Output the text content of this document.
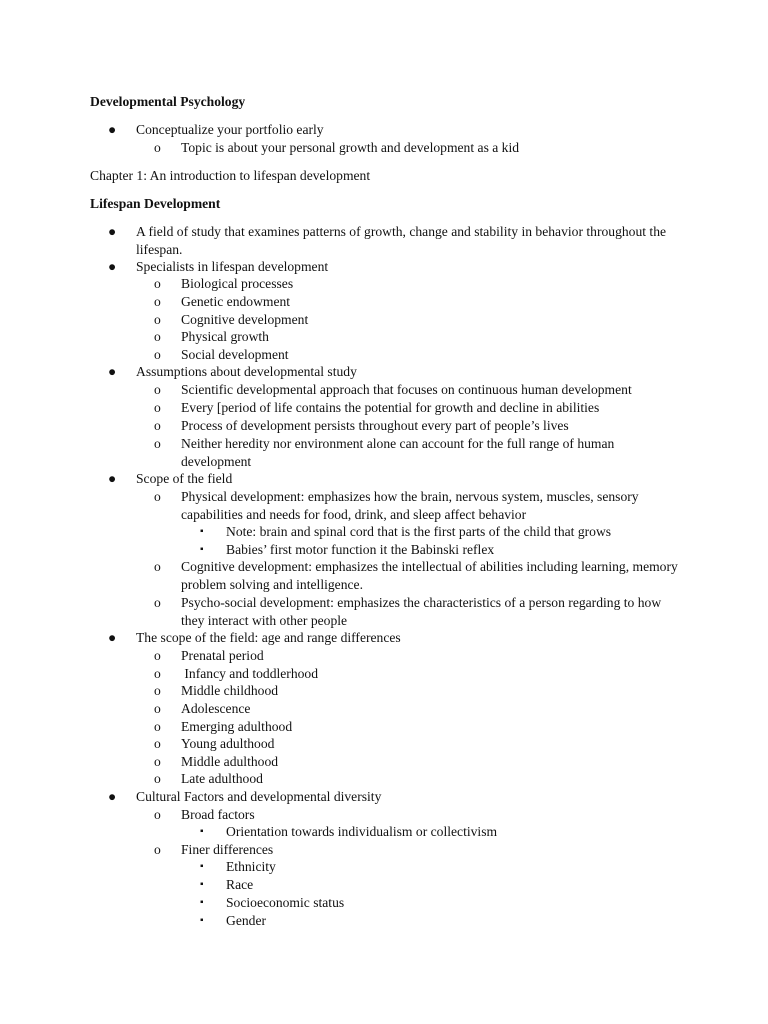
Developmental Psychology
● Conceptualize your portfolio early
o Topic is about your personal growth and development as a kid
Chapter 1: An introduction to lifespan development
Lifespan Development
● A field of study that examines patterns of growth, change and stability in behavior throughout the lifespan.
● Specialists in lifespan development
o Biological processes
o Genetic endowment
o Cognitive development
o Physical growth
o Social development
● Assumptions about developmental study
o Scientific developmental approach that focuses on continuous human development
o Every [period of life contains the potential for growth and decline in abilities
o Process of development persists throughout every part of people’s lives
o Neither heredity nor environment alone can account for the full range of human development
● Scope of the field
o Physical development: emphasizes how the brain, nervous system, muscles, sensory capabilities and needs for food, drink, and sleep affect behavior
▪ Note: brain and spinal cord that is the first parts of the child that grows
▪ Babies’ first motor function it the Babinski reflex
o Cognitive development: emphasizes the intellectual of abilities including learning, memory problem solving and intelligence.
o Psycho-social development: emphasizes the characteristics of a person regarding to how they interact with other people
● The scope of the field: age and range differences
o Prenatal period
o Infancy and toddlerhood
o Middle childhood
o Adolescence
o Emerging adulthood
o Young adulthood
o Middle adulthood
o Late adulthood
● Cultural Factors and developmental diversity
o Broad factors
▪ Orientation towards individualism or collectivism
o Finer differences
▪ Ethnicity
▪ Race
▪ Socioeconomic status
▪ Gender
